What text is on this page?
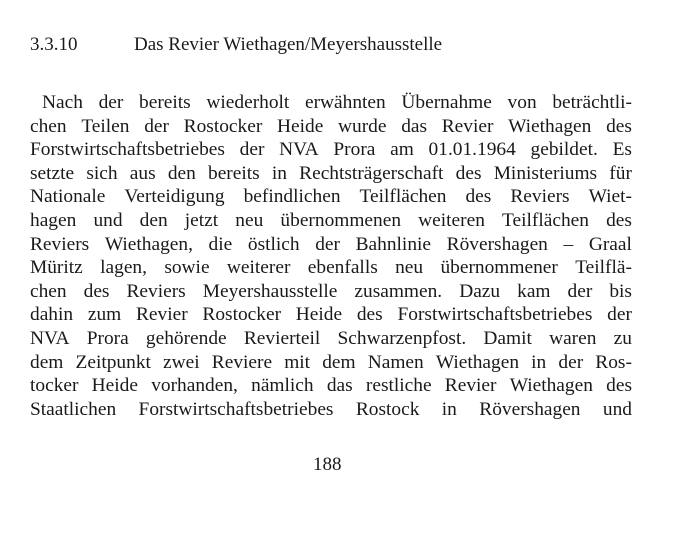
3.3.10	Das Revier Wiethagen/Meyershausstelle
Nach der bereits wiederholt erwähnten Übernahme von beträchtli-
chen Teilen der Rostocker Heide wurde das Revier Wiethagen des
Forstwirtschaftsbetriebes der NVA Prora am 01.01.1964 gebildet. Es
setzte sich aus den bereits in Rechtsträgerschaft des Ministeriums für
Nationale Verteidigung befindlichen Teilflächen des Reviers Wiet-
hagen und den jetzt neu übernommenen weiteren Teilflächen des
Reviers Wiethagen, die östlich der Bahnlinie Rövershagen – Graal
Müritz lagen, sowie weiterer ebenfalls neu übernommener Teilflä-
chen des Reviers Meyershausstelle zusammen. Dazu kam der bis
dahin zum Revier Rostocker Heide des Forstwirtschaftsbetriebes der
NVA Prora gehörende Revierteil Schwarzenpfost. Damit waren zu
dem Zeitpunkt zwei Reviere mit dem Namen Wiethagen in der Ros-
tocker Heide vorhanden, nämlich das restliche Revier Wiethagen des
Staatlichen Forstwirtschaftsbetriebes Rostock in Rövershagen und
188
